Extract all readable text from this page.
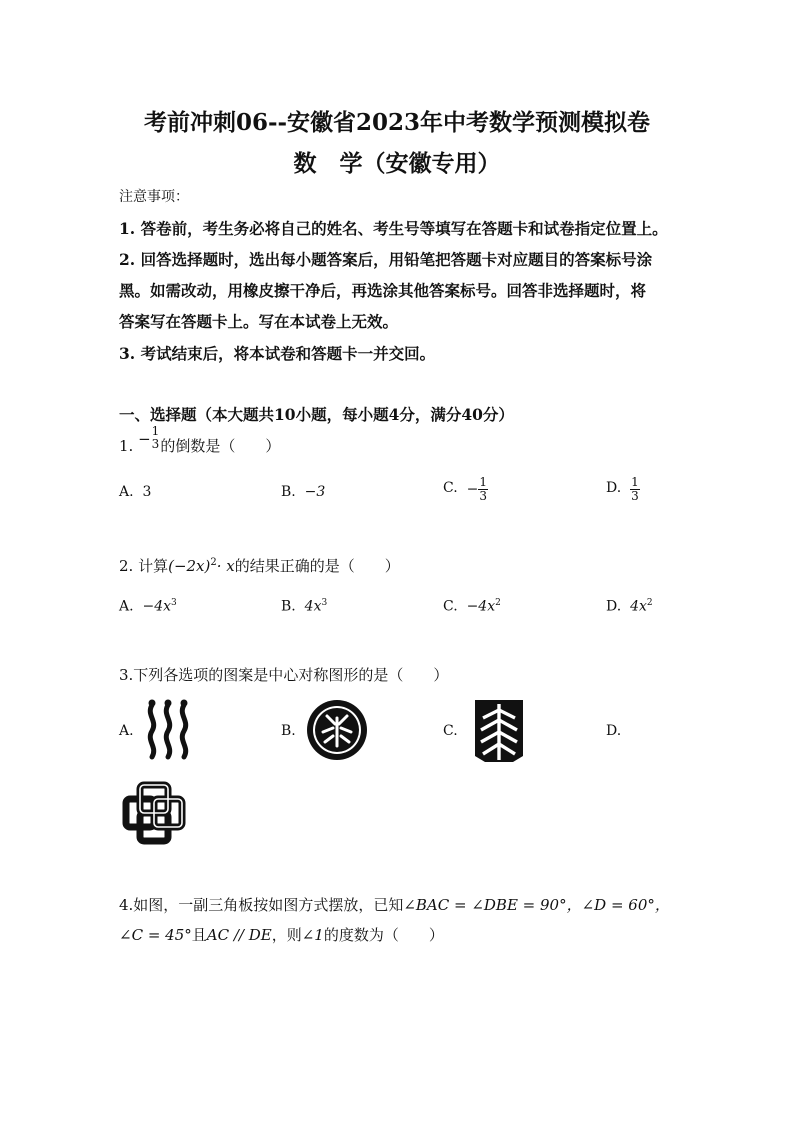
考前冲刺06--安徽省2023年中考数学预测模拟卷
数　学（安徽专用）
注意事项：
1. 答卷前，考生务必将自己的姓名、考生号等填写在答题卡和试卷指定位置上。
2. 回答选择题时，选出每小题答案后，用铅笔把答题卡对应题目的答案标号涂
黑。如需改动，用橡皮擦干净后，再选涂其他答案标号。回答非选择题时，将
答案写在答题卡上。写在本试卷上无效。
3. 考试结束后，将本试卷和答题卡一并交回。
一、选择题（本大题共10小题，每小题4分，满分40分）
1. − 1
3 的倒数是（　　）
A. 3	B. −3	C. − $\frac{1}{3}$	D. $\frac{1}{3}$
2. 计算$(-2x)^2\cdot x$的结果正确的是（　　）
A. $-4x^3$	B. $4x^3$	C. $-4x^2$	D. $4x^2$
3.下列各选项的图案是中心对称图形的是（　　）
A.	B.	C.	D.
4.如图，一副三角板按如图方式摆放，已知∠BAC = ∠DBE = 90°，∠D = 60°，
∠C = 45°且AC // DE，则∠1的度数为（　　）
